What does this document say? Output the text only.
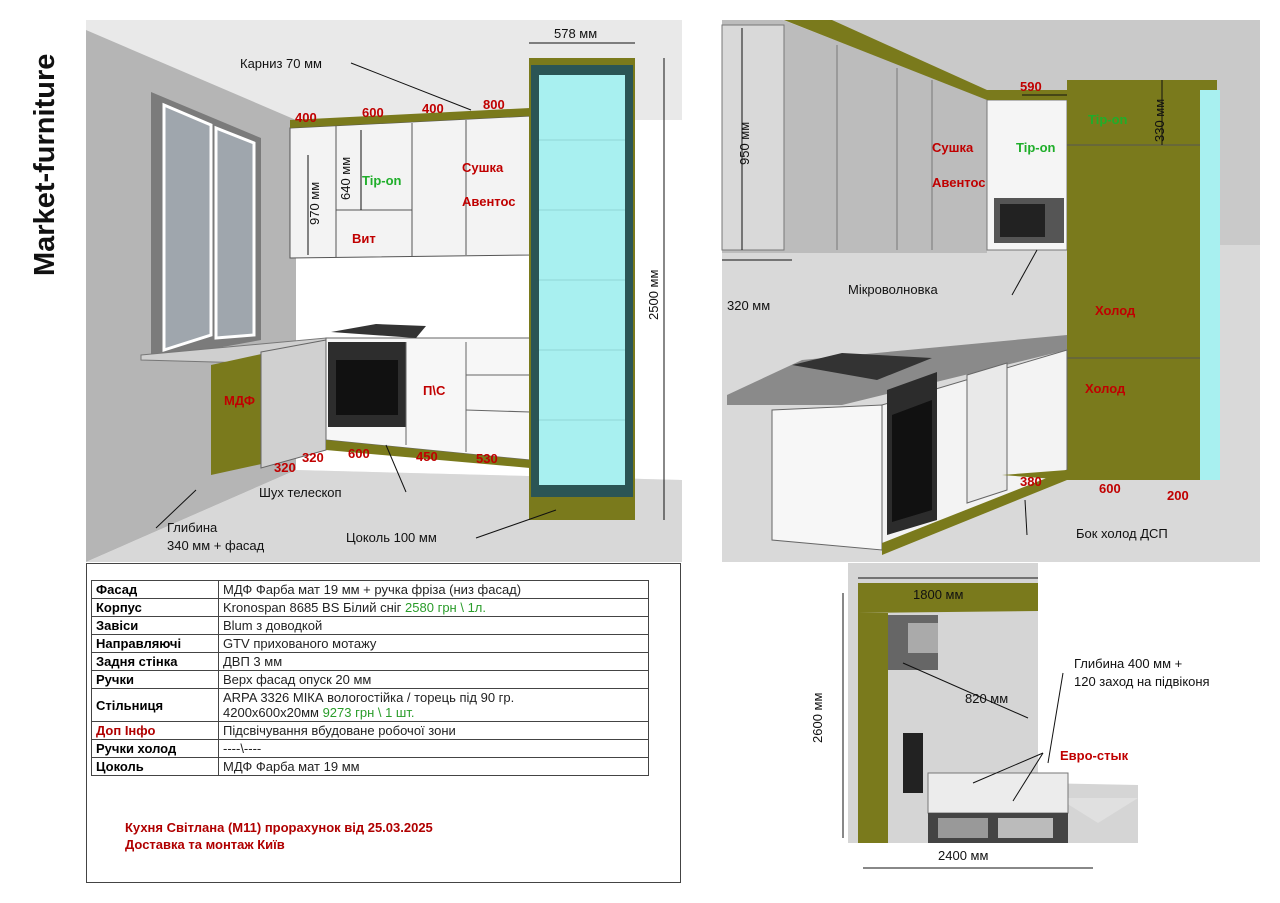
Market-furniture
578 мм
Карниз 70 мм
400	600	400	800
970 мм
640 мм Tip-on
Вит
Сушка
Авентос
2500 мм
МДФ
П\С
320
320 600	450	530
Шух телескоп
Глибина
340 мм + фасад
Цоколь 100 мм
950 мм
590
330 мм
Tip-on
Tip-on
Сушка
Авентос
320 мм
Мікроволновка
Холод
Холод
380	600	200
Бок холод ДСП
1800 мм
2600 мм	820 мм
Глибина 400 мм +
120 заход на підвіконя
Евро-стык
2400 мм
Фасад	МДФ Фарба мат 19 мм + ручка фріза (низ фасад)
Корпус	Kronospan 8685 BS Білий сніг 2580 грн \ 1л.
Завіси	Blum з доводкой
Направляючі	GTV прихованого мотажу
Задня стінка	ДВП 3 мм
Ручки	Верх фасад опуск 20 мм
Стільниця	ARPA 3326 МІКА вологостійка / торець під 90 гр.
4200х600х20мм 9273 грн \ 1 шт.
Доп Інфо	Підсвічування вбудоване робочої зони
Ручки холод	----\----
Цоколь	МДФ Фарба мат 19 мм
Кухня Світлана (М11) прорахунок від 25.03.2025
Доставка та монтаж Київ
